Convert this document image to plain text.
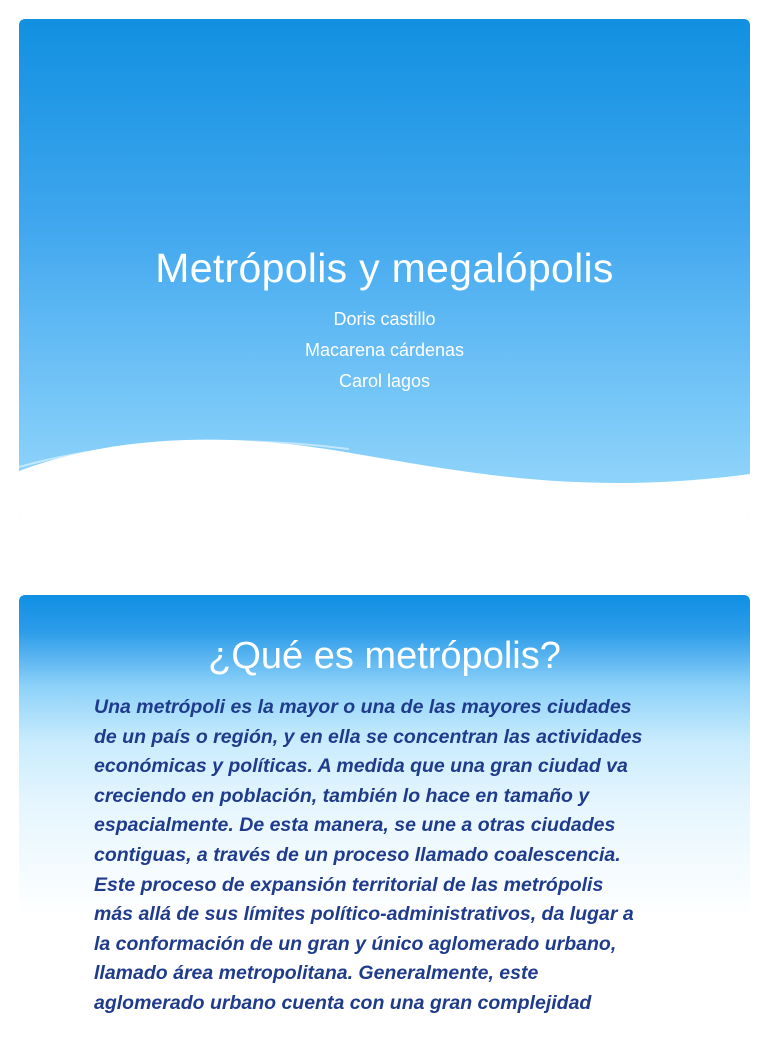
Metrópolis y megalópolis
Doris castillo
Macarena cárdenas
Carol lagos
¿Qué es metrópolis?

Una metrópoli es la mayor o una de las mayores ciudades
de un país o región, y en ella se concentran las actividades
económicas y políticas. A medida que una gran ciudad va
creciendo en población, también lo hace en tamaño y
espacialmente. De esta manera, se une a otras ciudades
contiguas, a través de un proceso llamado coalescencia.
Este proceso de expansión territorial de las metrópolis
más allá de sus límites político-administrativos, da lugar a
la conformación de un gran y único aglomerado urbano,
llamado área metropolitana. Generalmente, este
aglomerado urbano cuenta con una gran complejidad
